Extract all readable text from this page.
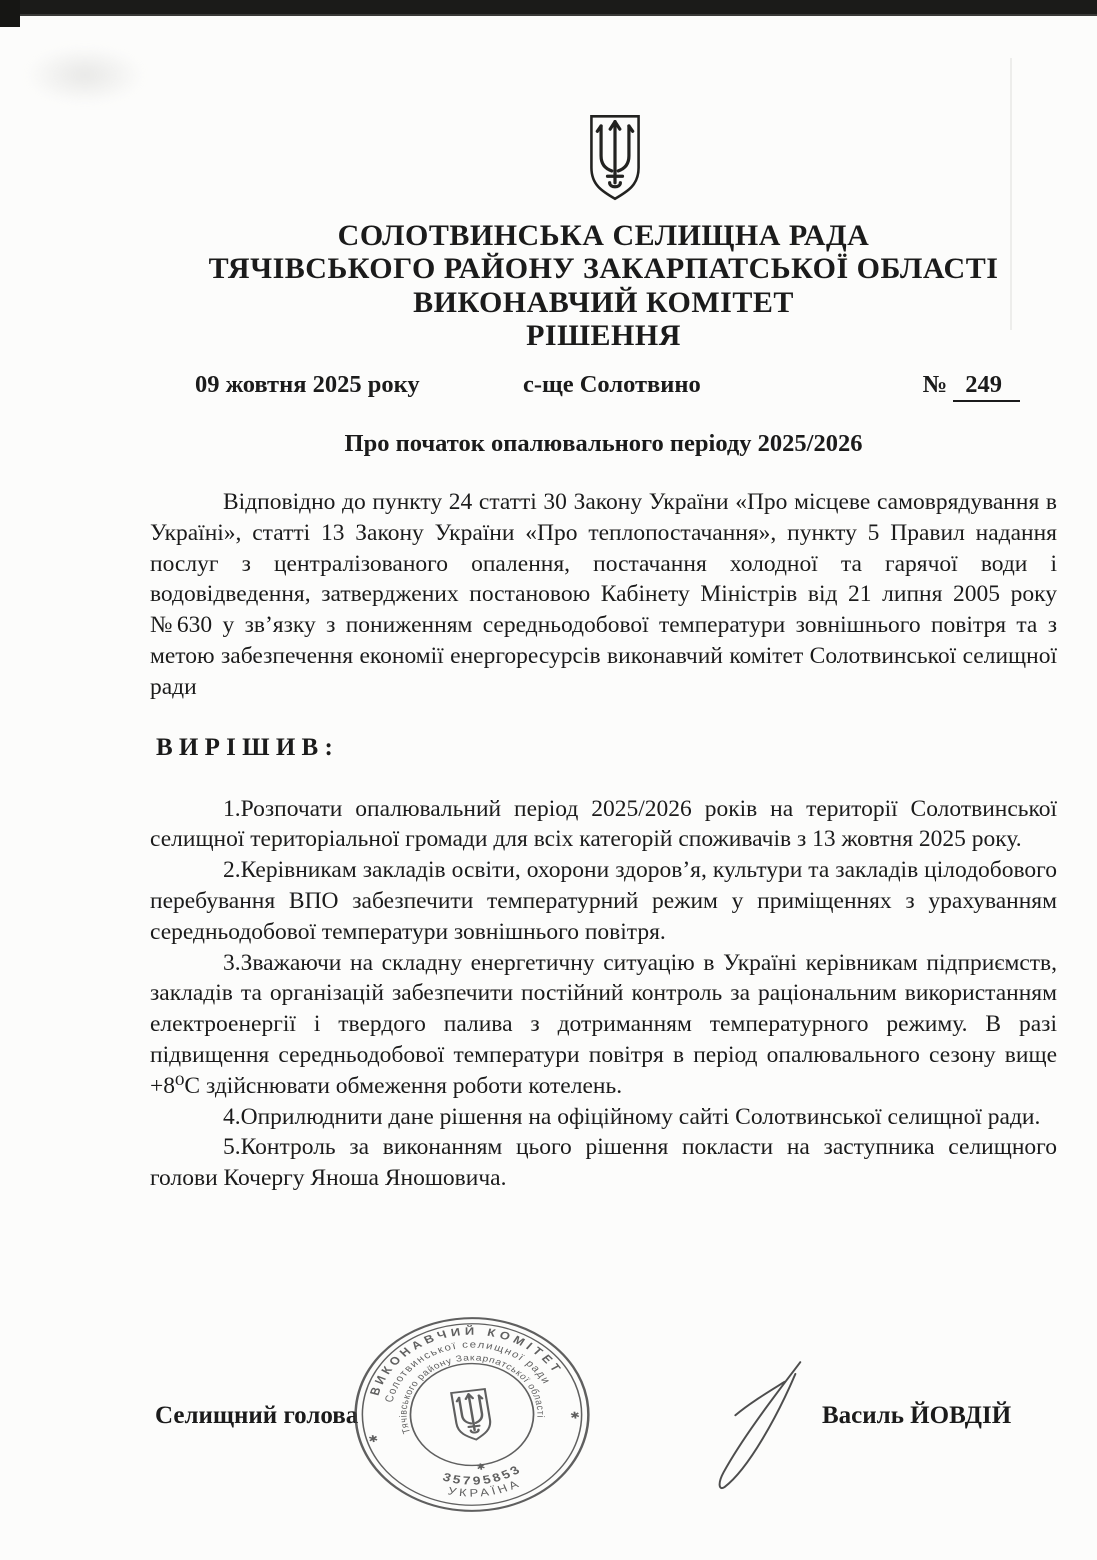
СОЛОТВИНСЬКА СЕЛИЩНА РАДА
ТЯЧІВСЬКОГО РАЙОНУ ЗАКАРПАТСЬКОЇ ОБЛАСТІ
ВИКОНАВЧИЙ КОМІТЕТ
РІШЕННЯ
09 жовтня 2025 року	с-ще Солотвино	№ 249
Про початок опалювального періоду 2025/2026

Відповідно до пункту 24 статті 30 Закону України «Про місцеве самоврядування в Україні», статті 13 Закону України «Про теплопостачання», пункту 5 Правил надання послуг з централізованого опалення, постачання холодної та гарячої води і водовідведення, затверджених постановою Кабінету Міністрів від 21 липня 2005 року №630 у зв’язку з пониженням середньодобової температури зовнішнього повітря та з метою забезпечення економії енергоресурсів виконавчий комітет Солотвинської селищної ради

В И Р І Ш И В :

1.Розпочати опалювальний період 2025/2026 років на території Солотвинської селищної територіальної громади для всіх категорій споживачів з 13 жовтня 2025 року.

2.Керівникам закладів освіти, охорони здоров’я, культури та закладів цілодобового перебування ВПО забезпечити температурний режим у приміщеннях з урахуванням середньодобової температури зовнішнього повітря.

3.Зважаючи на складну енергетичну ситуацію в Україні керівникам підприємств, закладів та організацій забезпечити постійний контроль за раціональним використанням електроенергії і твердого палива з дотриманням температурного режиму. В разі підвищення середньодобової температури повітря в період опалювального сезону вище +8⁰С здійснювати обмеження роботи котелень.

4.Оприлюднити дане рішення на офіційному сайті Солотвинської селищної ради.

5.Контроль за виконанням цього рішення покласти на заступника селищного голови Кочергу Яноша Яношовича.

Селищний голова	Василь ЙОВДІЙ
ВИКОНАВЧИЙ КОМІТЕТ
Солотвинської селищної ради
Тячівського району Закарпатської області
35795853
УКРАЇНА
✱
✱
✱
